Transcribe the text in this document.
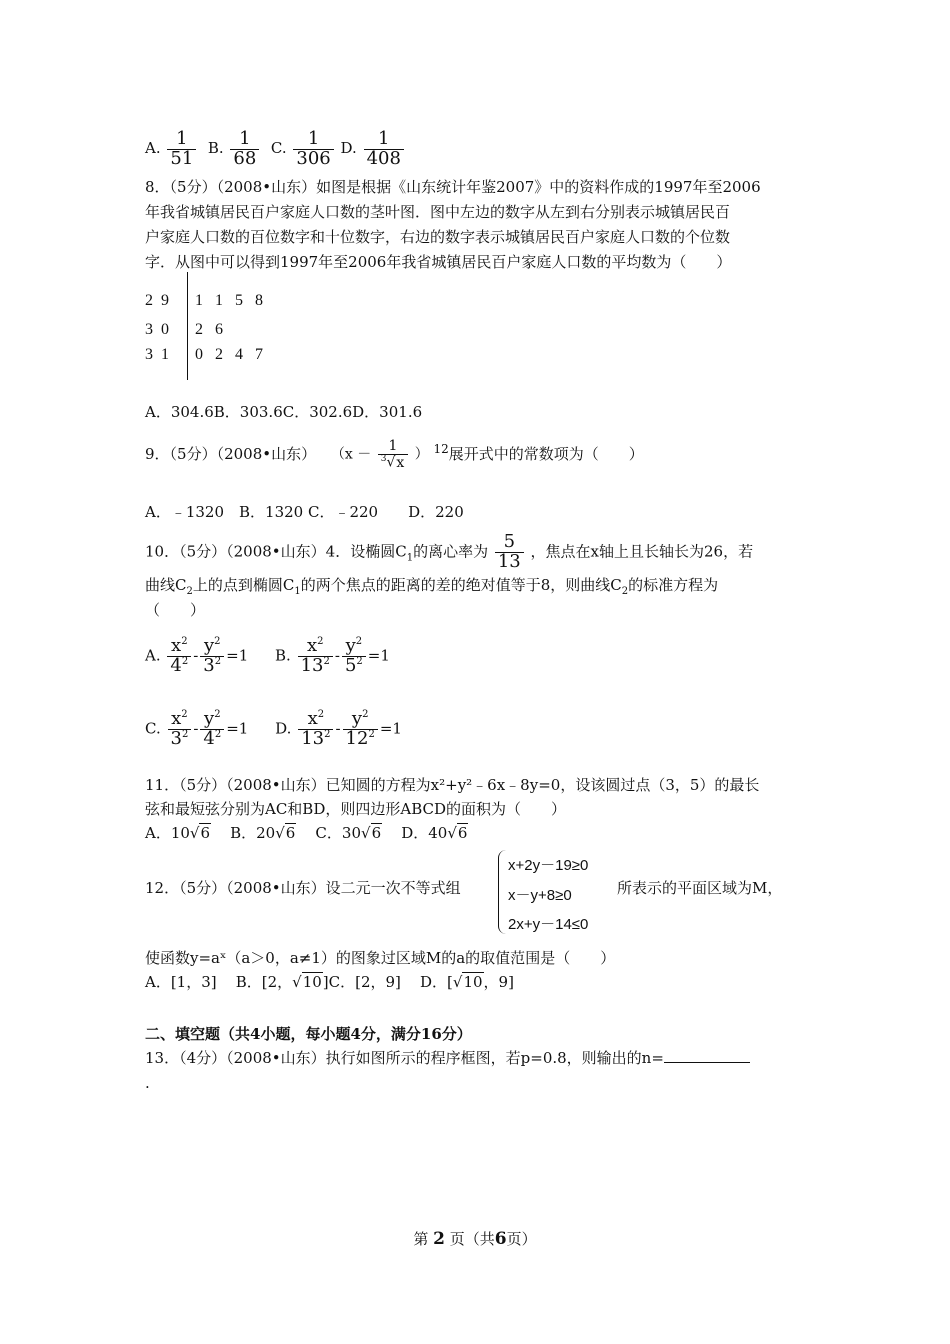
A. $\frac{1}{51} B$. $\frac{1}{68} C$. $\frac{1}{306} D$. $\frac{1}{408}$
8．（5分）（2008•山东）如图是根据《山东统计年鉴2007》中的资料作成的1997年至2006
年我省城镇居民百户家庭人口数的茎叶图．图中左边的数字从左到右分别表示城镇居民百
户家庭人口数的百位数字和十位数字，右边的数字表示城镇居民百户家庭人口数的个位数
字．从图中可以得到1997年至2006年我省城镇居民百户家庭人口数的平均数为（　　）
2  9 1   1   5   8
3  0 2   6
3  1 0   2   4   7
A．304.6B．303.6C．302.6D．301.6
9．（5分）（2008•山东） （$x - \frac{1}{^3√x}$ ） $^{12}$展开式中的常数项为（　　）
A．﹣1320　B．1320 C．﹣220　　D．220
10．（5分）（2008•山东）4．设椭圆$C_1$的离心率为 $\frac{5}{13}$ ，焦点在x轴上且长轴长为26，若
曲线$C_2$上的点到椭圆$C_1$的两个焦点的距离的差的绝对值等于8，则曲线$C_2$的标准方程为
（　　）
A. $\frac{x^2}{4^2} - \frac{y^2}{3^2} =1$ B. $\frac{x^2}{13^2} - \frac{y^2}{5^2} =1$
C. $\frac{x^2}{3^2} - \frac{y^2}{4^2} =1$ D. $\frac{x^2}{13^2} - \frac{y^2}{12^2} =1$
11．（5分）（2008•山东）已知圆的方程为x²+y²﹣6x﹣8y=0，设该圆过点（3，5）的最长
弦和最短弦分别为AC和BD，则四边形ABCD的面积为（　　）
A．10√6 B．20√6 C．30√6 D．40√6
12．（5分）（2008•山东）设二元一次不等式组
x+2y－19≥0
x－y+8≥0
2x+y－14≤0
所表示的平面区域为M，
使函数y=aˣ（a＞0，a≠1）的图象过区域M的a的取值范围是（　　）
A．[1，3] B．[2，√10]C．[2，9] D．[√10，9]
二、填空题（共4小题，每小题4分，满分16分）
13．（4分）（2008•山东）执行如图所示的程序框图，若p=0.8，则输出的n=
.
第 2 页（共6页）
